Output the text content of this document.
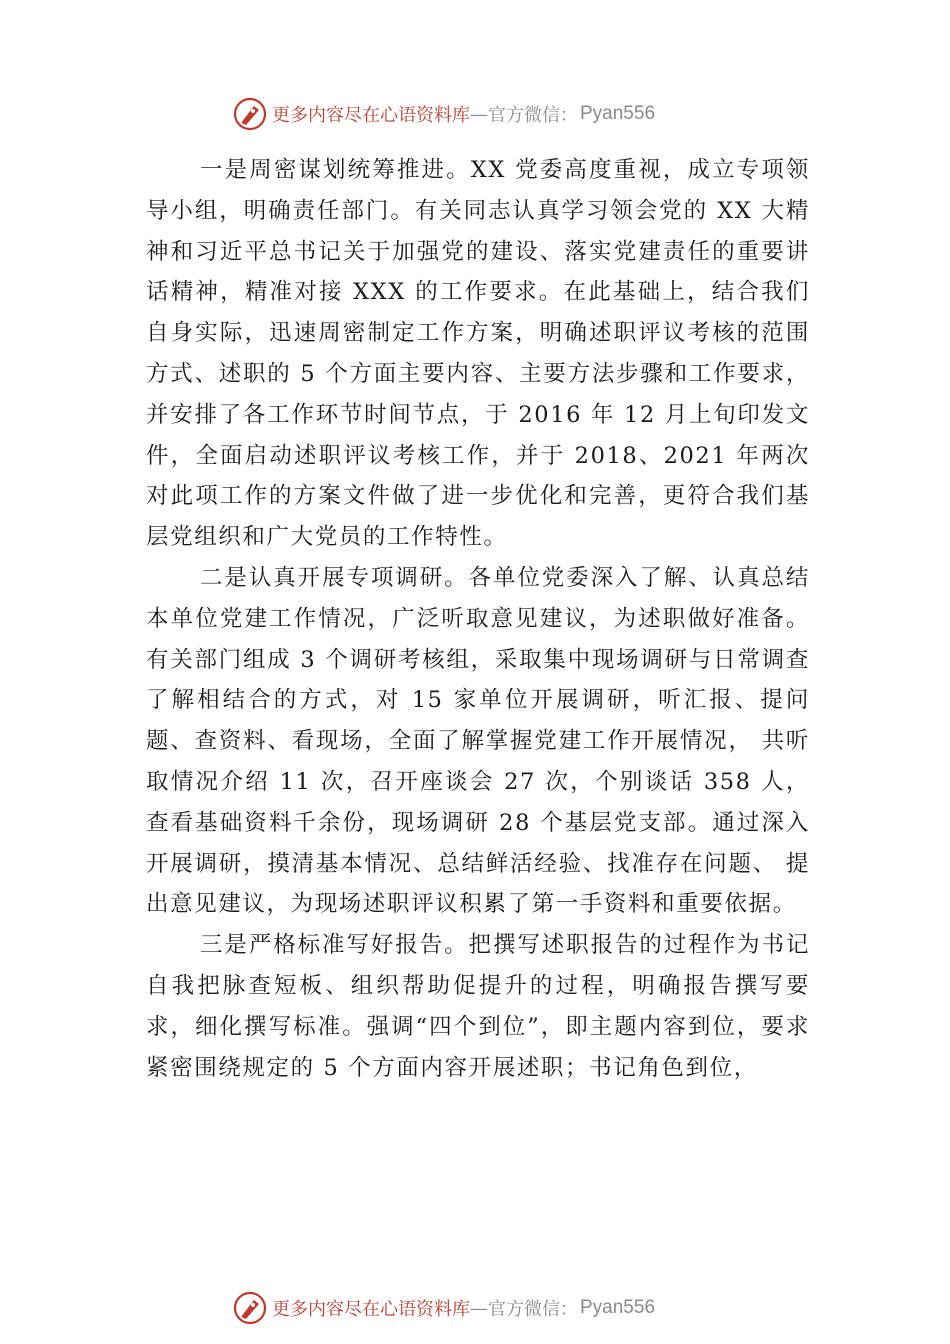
更多内容尽在心语资料库 — 官方微信： Pyan556

一是周密谋划统筹推进。XX 党委高度重视，成立专项领导小组，明确责任部门。有关同志认真学习领会党的 XX 大精神和习近平总书记关于加强党的建设、落实党建责任的重要讲话精神，精准对接 XXX 的工作要求。在此基础上，结合我们自身实际，迅速周密制定工作方案，明确述职评议考核的范围方式、述职的 5 个方面主要内容、主要方法步骤和工作要求，并安排了各工作环节时间节点，于 2016 年 12 月上旬印发文件，全面启动述职评议考核工作，并于 2018、2021 年两次对此项工作的方案文件做了进一步优化和完善，更符合我们基层党组织和广大党员的工作特性。

二是认真开展专项调研。各单位党委深入了解、认真总结本单位党建工作情况，广泛听取意见建议，为述职做好准备。有关部门组成 3 个调研考核组，采取集中现场调研与日常调查了解相结合的方式，对 15 家单位开展调研，听汇报、提问题、查资料、看现场，全面了解掌握党建工作开展情况， 共听取情况介绍 11 次，召开座谈会 27 次，个别谈话 358 人，查看基础资料千余份，现场调研 28 个基层党支部。通过深入开展调研，摸清基本情况、总结鲜活经验、找准存在问题、 提出意见建议，为现场述职评议积累了第一手资料和重要依据。

三是严格标准写好报告。把撰写述职报告的过程作为书记自我把脉查短板、组织帮助促提升的过程，明确报告撰写要求，细化撰写标准。强调“四个到位”，即主题内容到位，要求紧密围绕规定的 5 个方面内容开展述职；书记角色到位，

更多内容尽在心语资料库 — 官方微信： Pyan556
